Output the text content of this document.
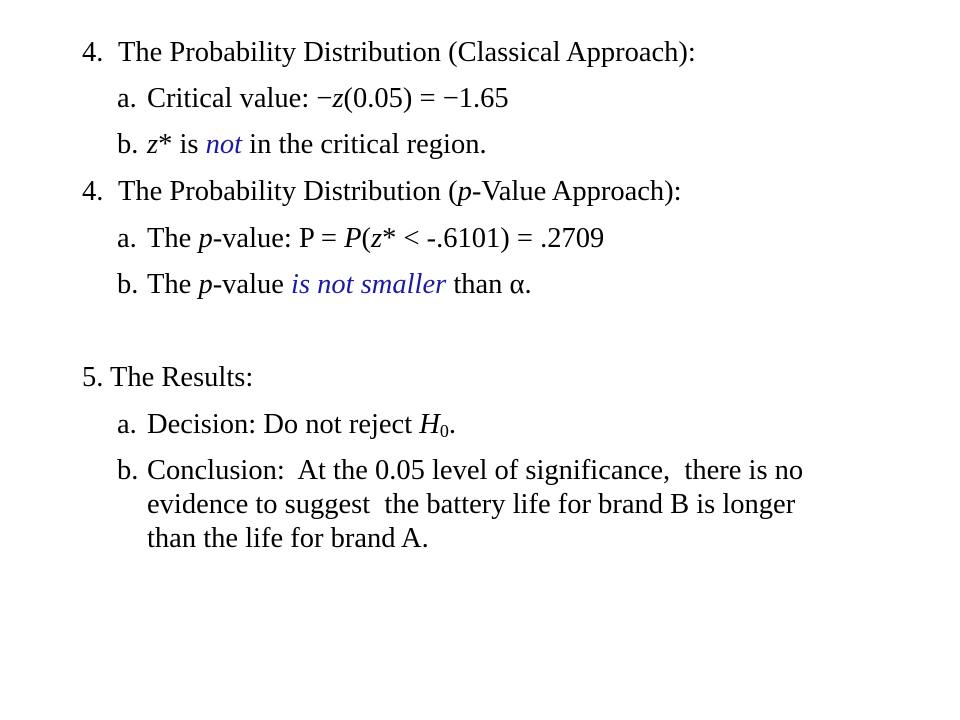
4. The Probability Distribution (Classical Approach):
a. Critical value: −z(0.05) = −1.65
b. z* is not in the critical region.
4. The Probability Distribution (p-Value Approach):
a. The p-value: P = P(z* < -.6101) = .2709
b. The p-value is not smaller than α.
5. The Results:
a. Decision: Do not reject $H_0$.
b. Conclusion:  At the 0.05 level of significance,  there is no
evidence to suggest  the battery life for brand B is longer
than the life for brand A.
